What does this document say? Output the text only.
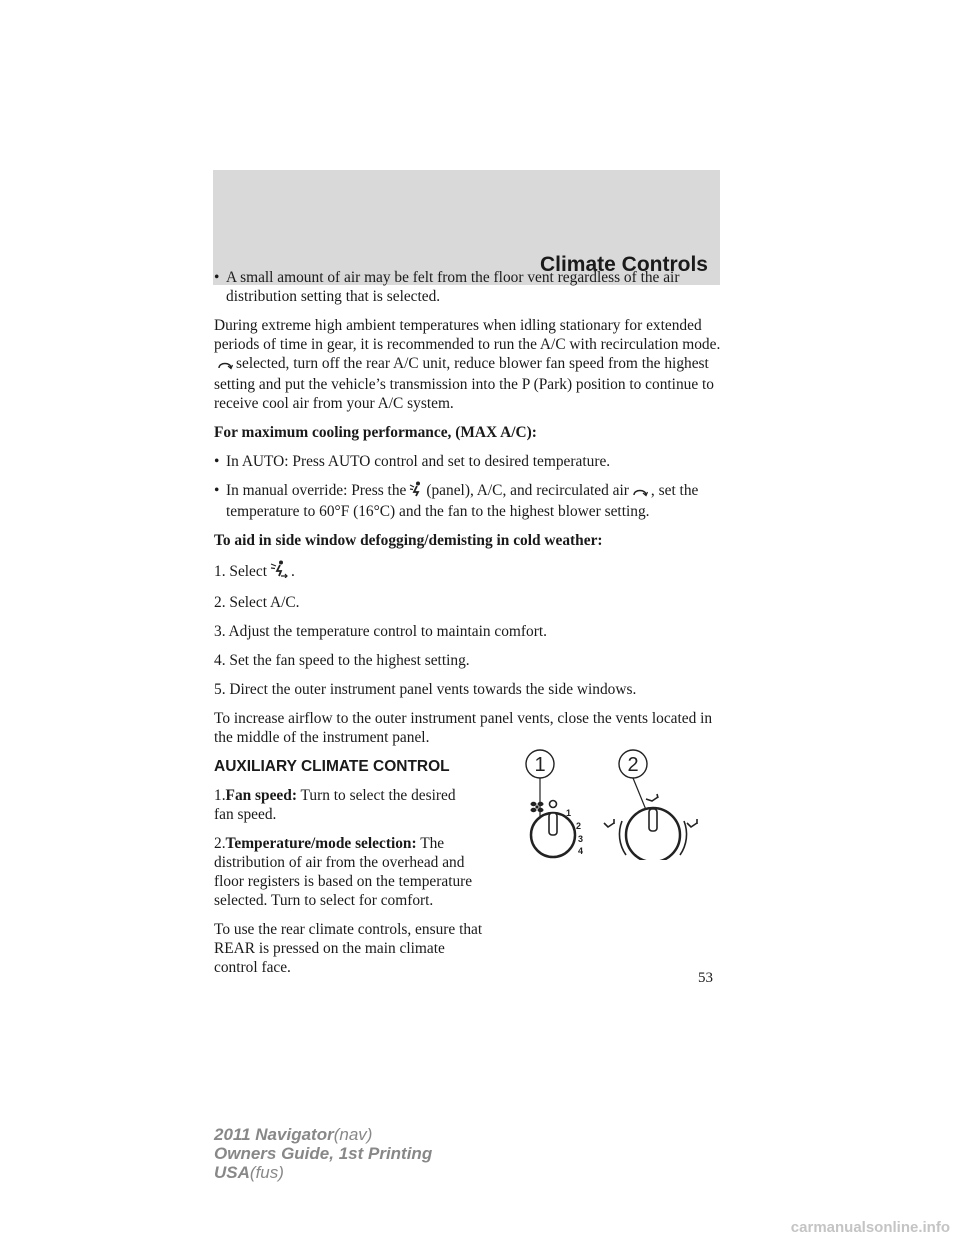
Climate Controls
• A small amount of air may be felt from the floor vent regardless of the air distribution setting that is selected.

During extreme high ambient temperatures when idling stationary for extended periods of time in gear, it is recommended to run the A/C with recirculation mode.selected, turn off the rear A/C unit, reduce blower fan speed from the highest setting and put the vehicle’s transmission into the P (Park) position to continue to receive cool air from your A/C system.

For maximum cooling performance, (MAX A/C):

• In AUTO: Press AUTO control and set to desired temperature.
• In manual override: Press the (panel), A/C, and recirculated air , set the temperature to 60°F (16°C) and the fan to the highest blower setting.

To aid in side window defogging/demisting in cold weather:

1. Select .

2. Select A/C.

3. Adjust the temperature control to maintain comfort.

4. Set the fan speed to the highest setting.

5. Direct the outer instrument panel vents towards the side windows.

To increase airflow to the outer instrument panel vents, close the vents located in the middle of the instrument panel.

AUXILIARY CLIMATE CONTROL

1.Fan speed: Turn to select the desired fan speed.

2.Temperature/mode selection: The distribution of air from the overhead and floor registers is based on the temperature selected. Turn to select for comfort.

To use the rear climate controls, ensure that REAR is pressed on the main climate control face.

1	2
1
2
3
4
53
2011 Navigator(nav)
Owners Guide, 1st Printing
USA(fus)
carmanualsonline.info
